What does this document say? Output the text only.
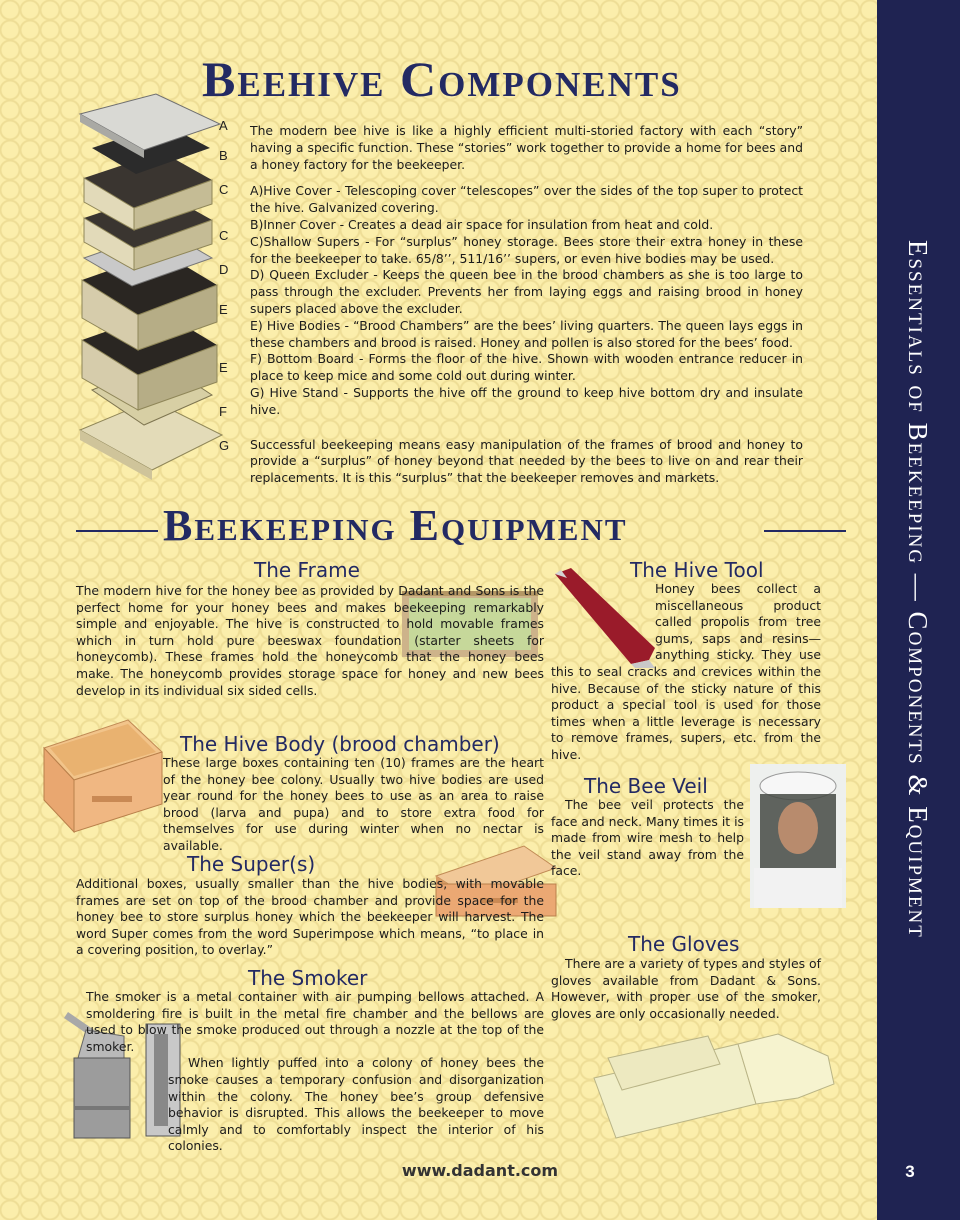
Beehive Components
A
B
C
C
D
E
E
F
G

The modern bee hive is like a highly efficient multi-storied factory with each “story” having a specific function. These “stories” work together to provide a home for bees and a honey factory for the beekeeper.

A)Hive Cover - Telescoping cover “telescopes” over the sides of the top super to protect the hive. Galvanized covering.

B)Inner Cover - Creates a dead air space for insulation from heat and cold.

C)Shallow Supers - For “surplus” honey storage. Bees store their extra honey in these for the beekeeper to take. 65/8’’, 511/16’’ supers, or even hive bodies may be used.

D) Queen Excluder - Keeps the queen bee in the brood chambers as she is too large to pass through the excluder. Prevents her from laying eggs and raising brood in honey supers placed above the excluder.

E) Hive Bodies - “Brood Chambers” are the bees’ living quarters. The queen lays eggs in these chambers and brood is raised. Honey and pollen is also stored for the bees’ food.

F) Bottom Board - Forms the floor of the hive. Shown with wooden entrance reducer in place to keep mice and some cold out during winter.

G) Hive Stand - Supports the hive off the ground to keep hive bottom dry and insulate hive.

Successful beekeeping means easy manipulation of the frames of brood and honey to provide a “surplus” of honey beyond that needed by the bees to live on and rear their replacements. It is this “surplus” that the beekeeper removes and markets.

Beekeeping Equipment
The Frame
The modern hive for the honey bee as provided by Dadant and Sons is the perfect home for your honey bees and makes beekeeping remarkably simple and enjoyable. The hive is constructed to hold movable frames which in turn hold pure beeswax foundation (starter sheets for honeycomb). These frames hold the honeycomb that the honey bees make. The honeycomb provides storage space for honey and new bees develop in its individual six sided cells.
The Hive Body (brood chamber)
These large boxes containing ten (10) frames are the heart of the honey bee colony. Usually two hive bodies are used year round for the honey bees to use as an area to raise brood (larva and pupa) and to store extra food for themselves for use during winter when no nectar is available.
The Super(s)
Additional boxes, usually smaller than the hive bodies, with movable frames are set on top of the brood chamber and provide space for the honey bee to store surplus honey which the beekeeper will harvest. The word Super comes from the word Superimpose which means, “to place in a covering position, to overlay.”
The Smoker
The smoker is a metal container with air pumping bellows attached. A smoldering fire is built in the metal fire chamber and the bellows are used to blow the smoke produced out through a nozzle at the top of the smoker.
When lightly puffed into a colony of honey bees the smoke causes a temporary confusion and disorganization within the colony. The honey bee’s group defensive behavior is disrupted. This allows the beekeeper to move calmly and to comfortably inspect the interior of his colonies.
The Hive Tool
Honey bees collect a miscellaneous product called propolis from tree gums, saps and resins—anything sticky. They use this to seal cracks and crevices within the hive. Because of the sticky nature of this product a special tool is used for those times when a little leverage is necessary to remove frames, supers, etc. from the hive.
The Bee Veil
The bee veil protects the face and neck. Many times it is made from wire mesh to help the veil stand away from the face.
The Gloves
There are a variety of types and styles of gloves available from Dadant & Sons. However, with proper use of the smoker, gloves are only occasionally needed.
www.dadant.com
Essentials of Beekeeping — Components & Equipment
3
